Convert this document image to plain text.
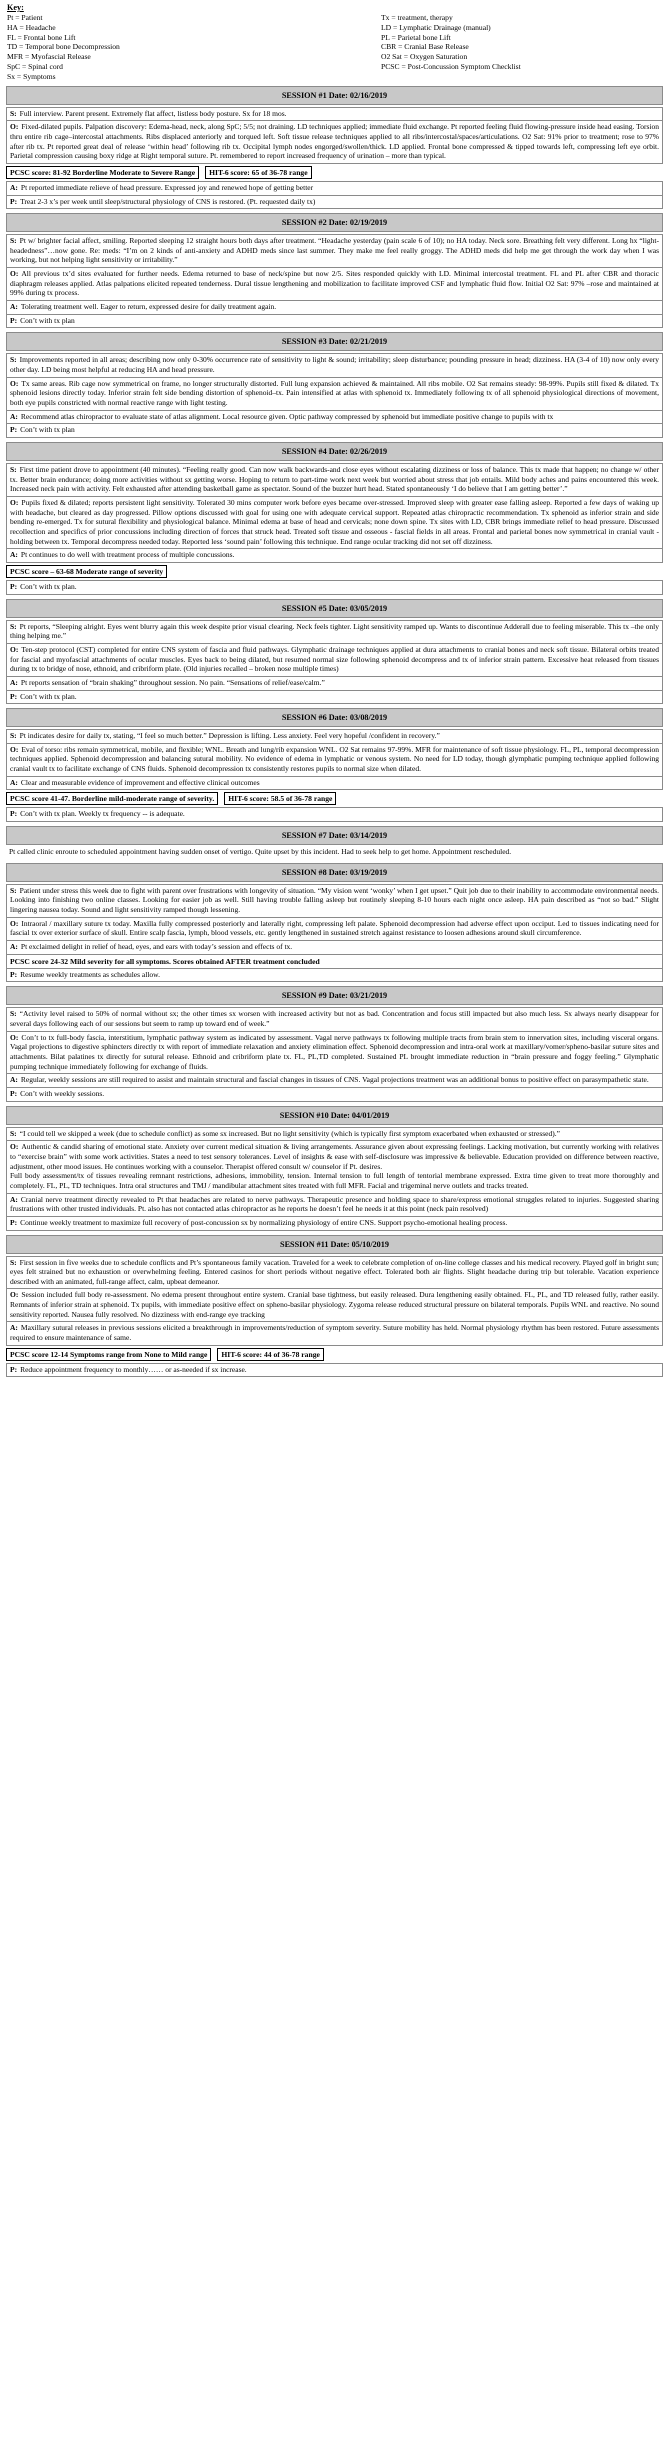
Key:
Pt = Patient
HA = Headache
FL = Frontal bone Lift
TD = Temporal bone Decompression
MFR = Myofascial Release
SpC = Spinal cord
Sx = Symptoms
Tx = treatment, therapy
LD = Lymphatic Drainage (manual)
PL = Parietal bone Lift
CBR = Cranial Base Release
O2 Sat = Oxygen Saturation
PCSC = Post-Concussion Symptom Checklist
SESSION #1 Date: 02/16/2019
S: Full interview. Parent present. Extremely flat affect, listless body posture. Sx for 18 mos.
O: Fixed-dilated pupils. Palpation discovery: Edema-head, neck, along SpC; 5/5; not draining. LD techniques applied; immediate fluid exchange. Pt reported feeling fluid flowing-pressure inside head easing. Torsion thru entire rib cage–intercostal attachments. Ribs displaced anteriorly and torqued left. Soft tissue release techniques applied to all ribs/intercostal/spaces/articulations. O2 Sat: 91% prior to treatment; rose to 97% after rib tx. Pt reported great deal of release ‘within head’ following rib tx. Occipital lymph nodes engorged/swollen/thick. LD applied. Frontal bone compressed & tipped towards left, compressing left eye orbit. Parietal compression causing boxy ridge at Right temporal suture. Pt. remembered to report increased frequency of urination – more than typical.
PCSC score: 81-92 Borderline Moderate to Severe Range	HIT-6 score: 65 of 36-78 range
A: Pt reported immediate relieve of head pressure. Expressed joy and renewed hope of getting better
P: Treat 2-3 x’s per week until sleep/structural physiology of CNS is restored. (Pt. requested daily tx)
SESSION #2 Date: 02/19/2019
S: Pt w/ brighter facial affect, smiling. Reported sleeping 12 straight hours both days after treatment. “Headache yesterday (pain scale 6 of 10); no HA today. Neck sore. Breathing felt very different. Long hx “light-headedness”…now gone. Re: meds: “I’m on 2 kinds of anti-anxiety and ADHD meds since last summer. They make me feel really groggy. The ADHD meds did help me get through the work day when I was working, but not helping light sensitivity or irritability.”
O: All previous tx’d sites evaluated for further needs. Edema returned to base of neck/spine but now 2/5. Sites responded quickly with LD. Minimal intercostal treatment. FL and PL after CBR and thoracic diaphragm releases applied. Atlas palpations elicited repeated tenderness. Dural tissue lengthening and mobilization to facilitate improved CSF and lymphatic fluid flow. Initial O2 Sat: 97% –rose and maintained at 99% during tx process.
A: Tolerating treatment well. Eager to return, expressed desire for daily treatment again.
P: Con’t with tx plan
SESSION #3 Date: 02/21/2019
S: Improvements reported in all areas; describing now only 0-30% occurrence rate of sensitivity to light & sound; irritability; sleep disturbance; pounding pressure in head; dizziness. HA (3-4 of 10) now only every other day. LD being most helpful at reducing HA and head pressure.
O: Tx same areas. Rib cage now symmetrical on frame, no longer structurally distorted. Full lung expansion achieved & maintained. All ribs mobile. O2 Sat remains steady: 98-99%. Pupils still fixed & dilated. Tx sphenoid lesions directly today. Inferior strain felt side bending distortion of sphenoid–tx. Pain intensified at atlas with sphenoid tx. Immediately following tx of all sphenoid physiological directions of movement, both eye pupils constricted with normal reactive range with light testing.
A: Recommend atlas chiropractor to evaluate state of atlas alignment. Local resource given. Optic pathway compressed by sphenoid but immediate positive change to pupils with tx
P: Con’t with tx plan
SESSION #4 Date: 02/26/2019
S: First time patient drove to appointment (40 minutes). “Feeling really good. Can now walk backwards-and close eyes without escalating dizziness or loss of balance. This tx made that happen; no change w/ other tx. Better brain endurance; doing more activities without sx getting worse. Hoping to return to part-time work next week but worried about stress that job entails. Mild body aches and pains encountered this week. Increased neck pain with activity. Felt exhausted after attending basketball game as spectator. Sound of the buzzer hurt head. Stated spontaneously ‘I do believe that I am getting better’.”
O: Pupils fixed & dilated; reports persistent light sensitivity. Tolerated 30 mins computer work before eyes became over-stressed. Improved sleep with greater ease falling asleep. Reported a few days of waking up with headache, but cleared as day progressed. Pillow options discussed with goal for using one with adequate cervical support. Repeated atlas chiropractic recommendation. Tx sphenoid as inferior strain and side bending re-emerged. Tx for sutural flexibility and physiological balance. Minimal edema at base of head and cervicals; none down spine. Tx sites with LD, CBR brings immediate relief to head pressure. Discussed recollection and specifics of prior concussions including direction of forces that struck head. Treated soft tissue and osseous - fascial fields in all areas. Frontal and parietal bones now symmetrical in cranial vault - holding between tx. Temporal decompress needed today. Reported less ‘sound pain’ following this technique. End range ocular tracking did not set off dizziness.
A: Pt continues to do well with treatment process of multiple concussions.
PCSC score – 63-68 Moderate range of severity
P: Con’t with tx plan.
SESSION #5 Date: 03/05/2019
S: Pt reports, “Sleeping alright. Eyes went blurry again this week despite prior visual clearing. Neck feels tighter. Light sensitivity ramped up. Wants to discontinue Adderall due to feeling miserable. This tx –the only thing helping me.”
O: Ten-step protocol (CST) completed for entire CNS system of fascia and fluid pathways. Glymphatic drainage techniques applied at dura attachments to cranial bones and neck soft tissue. Bilateral orbits treated for fascial and myofascial attachments of ocular muscles. Eyes back to being dilated, but resumed normal size following sphenoid decompress and tx of inferior strain pattern. Excessive heat released from tissues during tx to bridge of nose, ethnoid, and cribriform plate. (Old injuries recalled – broken nose multiple times)
A: Pt reports sensation of “brain shaking” throughout session. No pain. “Sensations of relief/ease/calm.”
P: Con’t with tx plan.
SESSION #6 Date: 03/08/2019
S: Pt indicates desire for daily tx, stating, “I feel so much better.” Depression is lifting. Less anxiety. Feel very hopeful /confident in recovery.”
O: Eval of torso: ribs remain symmetrical, mobile, and flexible; WNL. Breath and lung/rib expansion WNL. O2 Sat remains 97-99%. MFR for maintenance of soft tissue physiology. FL, PL, temporal decompression techniques applied. Sphenoid decompression and balancing sutural mobility. No evidence of edema in lymphatic or venous system. No need for LD today, though glymphatic pumping technique applied following cranial vault tx to facilitate exchange of CNS fluids. Sphenoid decompression tx consistently restores pupils to normal size when dilated.
A: Clear and measurable evidence of improvement and effective clinical outcomes
PCSC score 41-47. Borderline mild-moderate range of severity.	HIT-6 score: 58.5 of 36-78 range
P: Con’t with tx plan. Weekly tx frequency -- is adequate.
SESSION #7 Date: 03/14/2019
Pt called clinic enroute to scheduled appointment having sudden onset of vertigo. Quite upset by this incident. Had to seek help to get home. Appointment rescheduled.
SESSION #8 Date: 03/19/2019
S: Patient under stress this week due to fight with parent over frustrations with longevity of situation. “My vision went ‘wonky’ when I get upset.” Quit job due to their inability to accommodate environmental needs. Looking into finishing two online classes. Looking for easier job as well. Still having trouble falling asleep but routinely sleeping 8-10 hours each night once asleep. HA pain described as “not so bad.” Slight lingering nausea today. Sound and light sensitivity ramped though lessening.
O: Intraoral / maxillary suture tx today. Maxilla fully compressed posteriorly and laterally right, compressing left palate. Sphenoid decompression had adverse effect upon occiput. Led to tissues indicating need for fascial tx over exterior surface of skull. Entire scalp fascia, lymph, blood vessels, etc. gently lengthened in sustained stretch against resistance to loosen adhesions around skull circumference.
A: Pt exclaimed delight in relief of head, eyes, and ears with today’s session and effects of tx.
PCSC score 24-32 Mild severity for all symptoms. Scores obtained AFTER treatment concluded
P: Resume weekly treatments as schedules allow.
SESSION #9 Date: 03/21/2019
S: “Activity level raised to 50% of normal without sx; the other times sx worsen with increased activity but not as bad. Concentration and focus still impacted but also much less. Sx always nearly disappear for several days following each of our sessions but seem to ramp up toward end of week.”
O: Con’t to tx full-body fascia, interstitium, lymphatic pathway system as indicated by assessment. Vagal nerve pathways tx following multiple tracts from brain stem to innervation sites, including visceral organs. Vagal projections to digestive sphincters directly tx with report of immediate relaxation and anxiety elimination effect. Sphenoid decompression and intra-oral work at maxillary/vomer/spheno-basilar suture sites and attachments. Bilat palatines tx directly for sutural release. Ethnoid and cribriform plate tx. FL, PL,TD completed. Sustained PL brought immediate reduction in “brain pressure and foggy feeling.” Glymphatic pumping technique immediately following for exchange of fluids.
A: Regular, weekly sessions are still required to assist and maintain structural and fascial changes in tissues of CNS. Vagal projections treatment was an additional bonus to positive effect on parasympathetic state.
P: Con’t with weekly sessions.
SESSION #10 Date: 04/01/2019
S: “I could tell we skipped a week (due to schedule conflict) as some sx increased. But no light sensitivity (which is typically first symptom exacerbated when exhausted or stressed).”
O: Authentic & candid sharing of emotional state. Anxiety over current medical situation & living arrangements. Assurance given about expressing feelings. Lacking motivation, but currently working with relatives to “exercise brain” with some work activities. States a need to test sensory tolerances. Level of insights & ease with self-disclosure was impressive & believable. Education provided on difference between reactive, adjustment, other mood issues. He continues working with a counselor. Therapist offered consult w/ counselor if Pt. desires.
Full body assessment/tx of tissues revealing remnant restrictions, adhesions, immobility, tension. Internal tension to full length of tentorial membrane expressed. Extra time given to treat more thoroughly and completely. FL, PL, TD techniques. Intra oral structures and TMJ / mandibular attachment sites treated with full MFR. Facial and trigeminal nerve outlets and tracks treated.
A: Cranial nerve treatment directly revealed to Pt that headaches are related to nerve pathways. Therapeutic presence and holding space to share/express emotional struggles related to injuries. Suggested sharing frustrations with other trusted individuals. Pt. also has not contacted atlas chiropractor as he reports he doesn’t feel he needs it at this point (neck pain resolved)
P: Continue weekly treatment to maximize full recovery of post-concussion sx by normalizing physiology of entire CNS. Support psycho-emotional healing process.
SESSION #11 Date: 05/10/2019
S: First session in five weeks due to schedule conflicts and Pt’s spontaneous family vacation. Traveled for a week to celebrate completion of on-line college classes and his medical recovery. Played golf in bright sun; eyes felt strained but no exhaustion or overwhelming feeling. Entered casinos for short periods without negative effect. Tolerated both air flights. Slight headache during trip but tolerable. Vacation experience described with an animated, full-range affect, calm, upbeat demeanor.
O: Session included full body re-assessment. No edema present throughout entire system. Cranial base tightness, but easily released. Dura lengthening easily obtained. FL, PL, and TD released fully, rather easily. Remnants of inferior strain at sphenoid. Tx pupils, with immediate positive effect on spheno-basilar physiology. Zygoma release reduced structural pressure on bilateral temporals. Pupils WNL and reactive. No sound sensitivity reported. Nausea fully resolved. No dizziness with end-range eye tracking
A: Maxillary sutural releases in previous sessions elicited a breakthrough in improvements/reduction of symptom severity. Suture mobility has held. Normal physiology rhythm has been restored. Future assessments required to ensure maintenance of same.
PCSC score 12-14 Symptoms range from None to Mild range	HIT-6 score: 44 of 36-78 range
P: Reduce appointment frequency to monthly…… or as-needed if sx increase.
